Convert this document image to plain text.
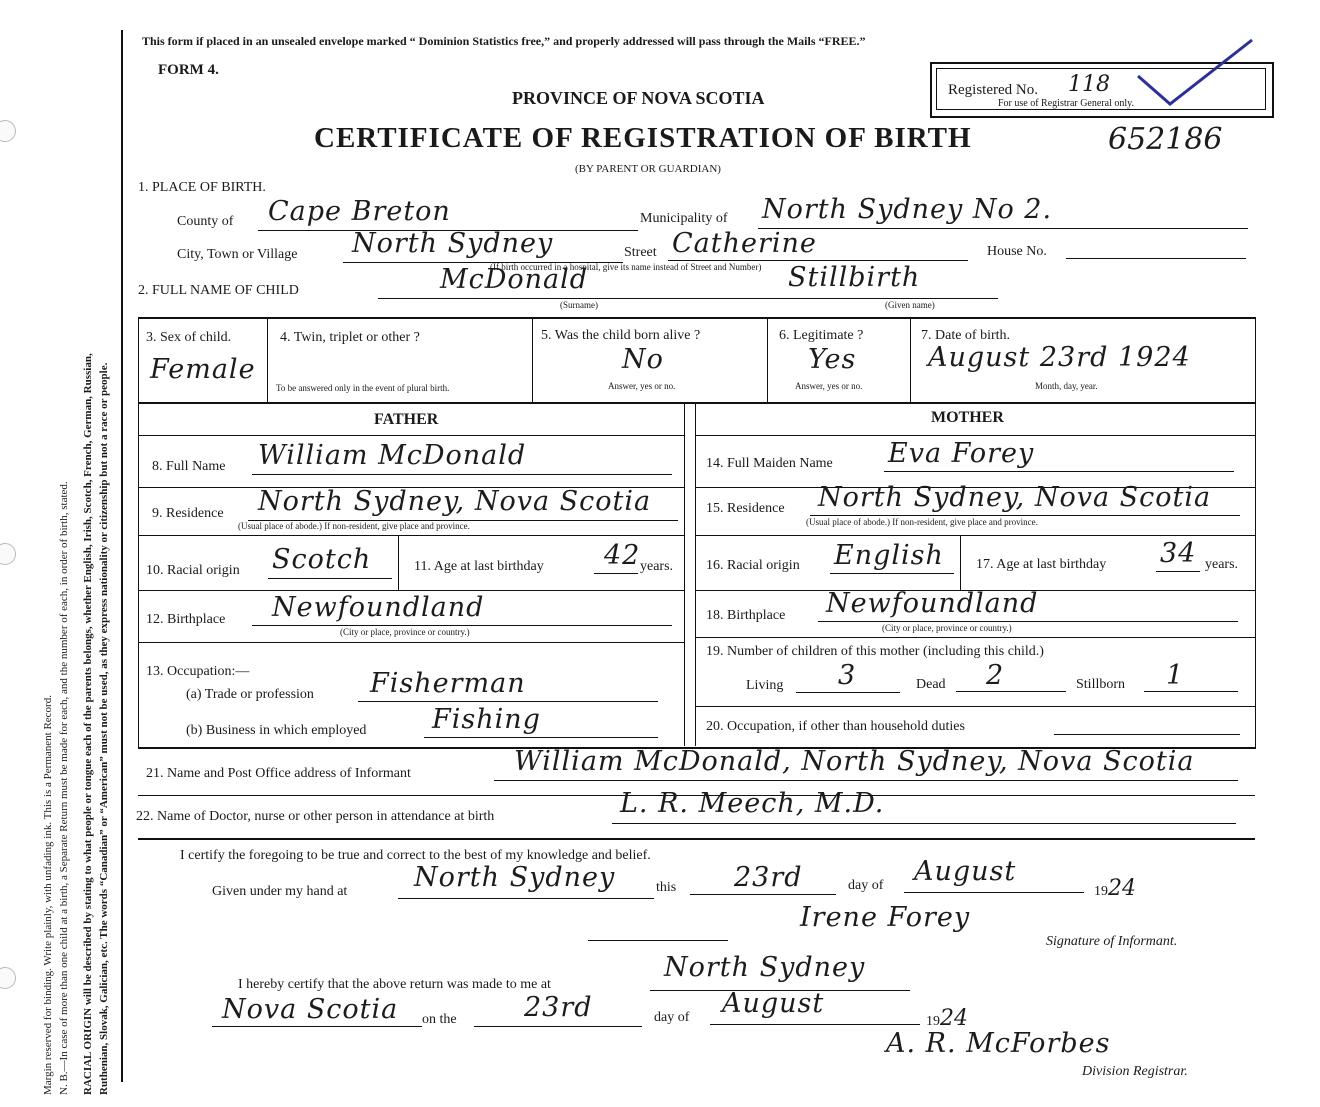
N. B.—In case of more than one child at a birth, a Separate Return must be made for each, and the number of each, in order of birth, stated. RACIAL ORIGIN will be described by stating to what people or tongue each of the parents belongs, whether English, Irish, Scotch, French, German, Russian, Ruthenian, Slovak, Galician, etc. The words “Canadian” or “American” must not be used, as they express nationality or citizenship but not a race or people.
Margin reserved for binding. Write plainly, with unfading ink. This is a Permanent Record.
This form if placed in an unsealed envelope marked “ Dominion Statistics free,” and properly addressed will pass through the Mails “FREE.”
FORM 4.
PROVINCE OF NOVA SCOTIA
CERTIFICATE OF REGISTRATION OF BIRTH
(BY PARENT OR GUARDIAN)
Registered No. 118
For use of Registrar General only.
652186
1. PLACE OF BIRTH.
County of Cape Breton	Municipality of North Sydney No 2.
City, Town or Village North Sydney	Street Catherine	House No.
(If birth occurred in a hospital, give its name instead of Street and Number)
2. FULL NAME OF CHILD	McDonald	Stillbirth
(Surname)	(Given name)
3. Sex of child.
Female
4. Twin, triplet or other ?
To be answered only in the event of plural birth.
5. Was the child born alive ?
No
Answer, yes or no.
6. Legitimate ?
Yes
Answer, yes or no.
7. Date of birth.
August 23rd 1924
Month, day, year.
FATHER	MOTHER
8. Full Name William McDonald
9. Residence North Sydney, Nova Scotia
(Usual place of abode.) If non-resident, give place and province.
10. Racial origin Scotch	11. Age at last birthday 42 years.
12. Birthplace Newfoundland
(City or place, province or country.)
13. Occupation:—
(a) Trade or profession Fisherman
(b) Business in which employed Fishing
14. Full Maiden Name Eva Forey
15. Residence North Sydney, Nova Scotia
(Usual place of abode.) If non-resident, give place and province.
16. Racial origin English 17. Age at last birthday 34 years.
18. Birthplace Newfoundland
(City or place, province or country.)
19. Number of children of this mother (including this child.)
Living 3	Dead 2	Stillborn 1
20. Occupation, if other than household duties
21. Name and Post Office address of Informant	William McDonald, North Sydney, Nova Scotia
22. Name of Doctor, nurse or other person in attendance at birth	L. R. Meech, M.D.
I certify the foregoing to be true and correct to the best of my knowledge and belief.
Given under my hand at North Sydney	this 23rd	day of August
1924
Irene Forey
Signature of Informant.
I hereby certify that the above return was made to me at
North Sydney
Nova Scotia on the 23rd	day of August
1924
A. R. McForbes
Division Registrar.
